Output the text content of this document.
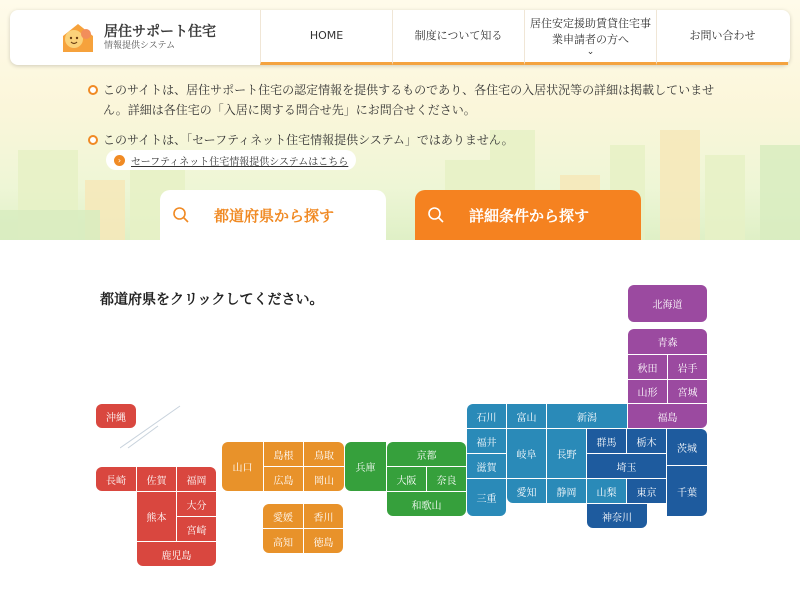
居住サポート住宅
情報提供システム
HOME	制度について知る
居住安定援助賃貸住宅事業申請者の方へ
⌄
お問い合わせ
このサイトは、居住サポート住宅の認定情報を提供するものであり、各住宅の入居状況等の詳細は掲載していません。詳細は各住宅の「入居に関する問合せ先」にお問合せください。
このサイトは、「セーフティネット住宅情報提供システム」ではありません。
› セーフティネット住宅情報提供システムはこちら
都道府県から探す	詳細条件から探す
都道府県をクリックしてください。	北海道
青森
秋田	岩手
山形	宮城
福島
石川	富山	新潟
福井
岐阜	長野
愛知	静岡	山梨
群馬	栃木
茨城
埼玉
東京	千葉
神奈川
京都
兵庫
大阪	奈良
和歌山
滋賀
三重
山口
島根	鳥取
広島	岡山
愛媛	香川
高知	徳島
沖縄
長崎	佐賀	福岡
熊本
大分
宮崎
鹿児島
